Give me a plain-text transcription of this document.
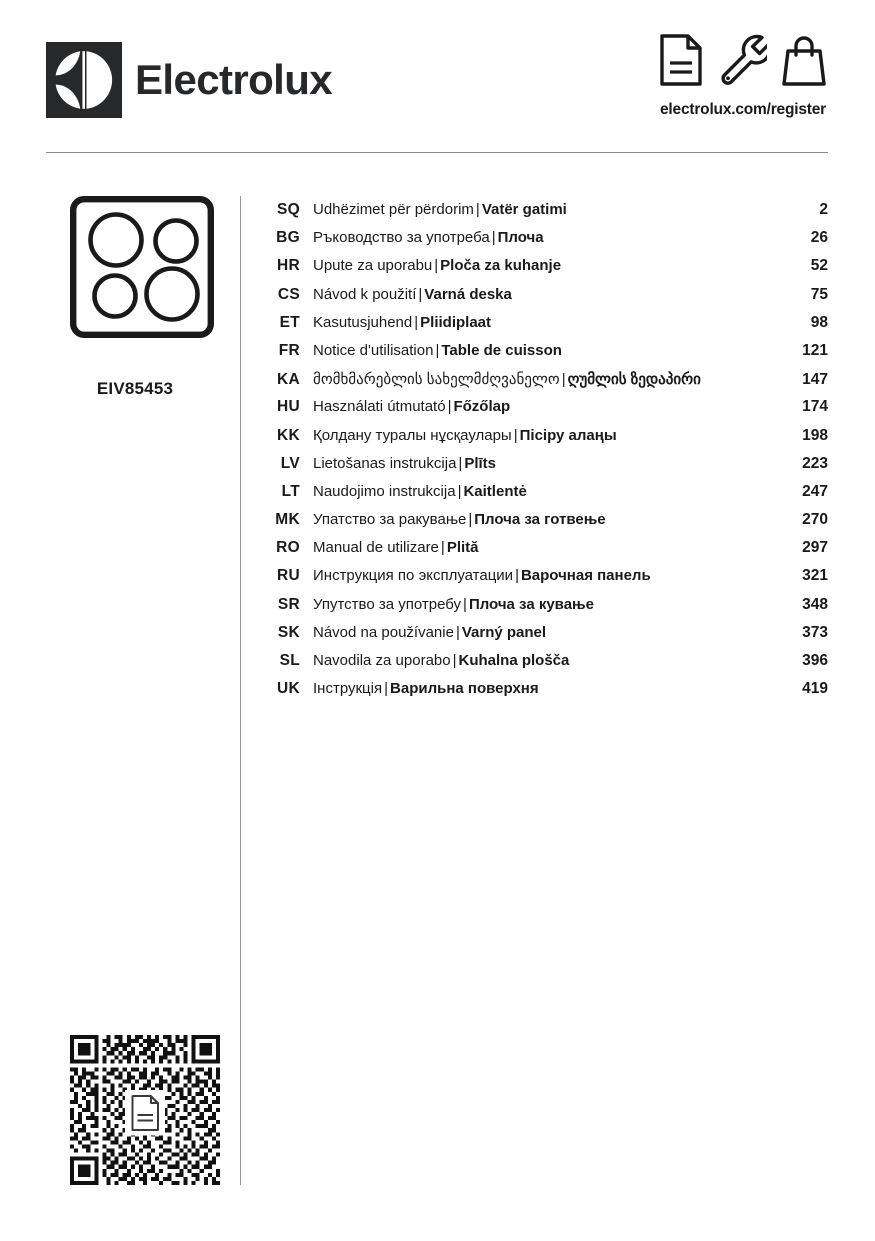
Electrolux
electrolux.com/register
EIV85453
SQ Udhëzimet për përdorim | Vatër gatimi	2
BG Ръководство за употреба | Плоча	26
HR Upute za uporabu | Ploča za kuhanje	52
CS Návod k použití | Varná deska	75
ET Kasutusjuhend | Pliidiplaat	98
FR Notice d'utilisation | Table de cuisson	121
KA მომხმარებლის სახელმძღვანელო | ღუმლის ზედაპირი	147
HU Használati útmutató | Főzőlap	174
KK Қолдану туралы нұсқаулары | Пісіру алаңы	198
LV Lietošanas instrukcija | Plīts	223
LT Naudojimo instrukcija | Kaitlentė	247
MK Упатство за ракување | Плоча за готвење	270
RO Manual de utilizare | Plită	297
RU Инструкция по эксплуатации | Варочная панель	321
SR Упутство за употребу | Плоча за кување	348
SK Návod na používanie | Varný panel	373
SL Navodila za uporabo | Kuhalna plošča	396
UK Інструкція | Варильна поверхня	419
